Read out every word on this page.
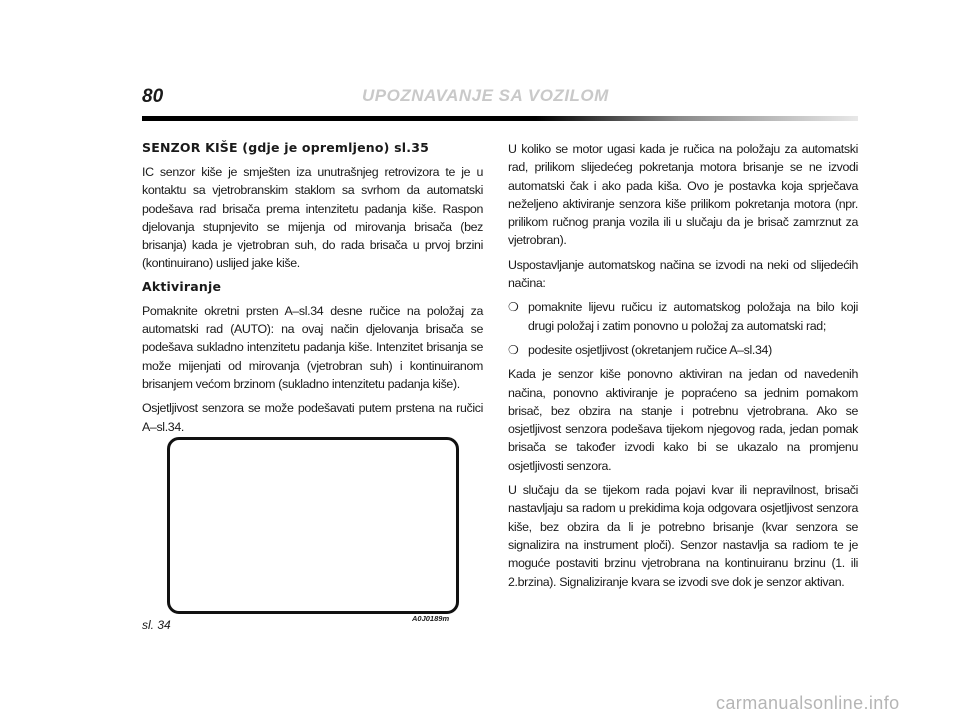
80	UPOZNAVANJE SA VOZILOM

SENZOR KIŠE (gdje je opremljeno) sl.35

IC senzor kiše je smješten iza unutrašnjeg retrovizora te je u kontaktu sa vjetrobranskim staklom sa svrhom da automatski podešava rad brisača prema intenzitetu padanja kiše. Raspon djelovanja stupnjevito se mijenja od mirovanja brisača (bez brisanja) kada je vjetrobran suh, do rada brisača u prvoj brzini (kontinuirano) uslijed jake kiše.

Aktiviranje

Pomaknite okretni prsten A–sl.34 desne ručice na položaj za automatski rad (AUTO): na ovaj način djelovanja brisača se podešava sukladno intenzitetu padanja kiše. Intenzitet brisanja se može mijenjati od mirovanja (vjetrobran suh) i kontinuiranom brisanjem većom brzinom (sukladno intenzitetu padanja kiše).

Osjetljivost senzora se može podešavati putem prstena na ručici A–sl.34.

sl. 34	A0J0189m

U koliko se motor ugasi kada je ručica na položaju za automatski rad, prilikom slijedećeg pokretanja motora brisanje se ne izvodi automatski čak i ako pada kiša. Ovo je postavka koja sprječava neželjeno aktiviranje senzora kiše prilikom pokretanja motora (npr. prilikom ručnog pranja vozila ili u slučaju da je brisač zamrznut za vjetrobran).

Uspostavljanje automatskog načina se izvodi na neki od slijedećih načina:

❍ pomaknite lijevu ručicu iz automatskog položaja na bilo koji drugi položaj i zatim ponovno u položaj za automatski rad;
❍ podesite osjetljivost (okretanjem ručice A–sl.34)

Kada je senzor kiše ponovno aktiviran na jedan od navedenih načina, ponovno aktiviranje je popraćeno sa jednim pomakom brisač, bez obzira na stanje i potrebnu vjetrobrana. Ako se osjetljivost senzora podešava tijekom njegovog rada, jedan pomak brisača se također izvodi kako bi se ukazalo na promjenu osjetljivosti senzora.

U slučaju da se tijekom rada pojavi kvar ili nepravilnost, brisači nastavljaju sa radom u prekidima koja odgovara osjetljivost senzora kiše, bez obzira da li je potrebno brisanje (kvar senzora se signalizira na instrument ploči). Senzor nastavlja sa radiom te je moguće postaviti brzinu vjetrobrana na kontinuiranu brzinu (1. ili 2.brzina). Signaliziranje kvara se izvodi sve dok je senzor aktivan.

carmanualsonline.info
